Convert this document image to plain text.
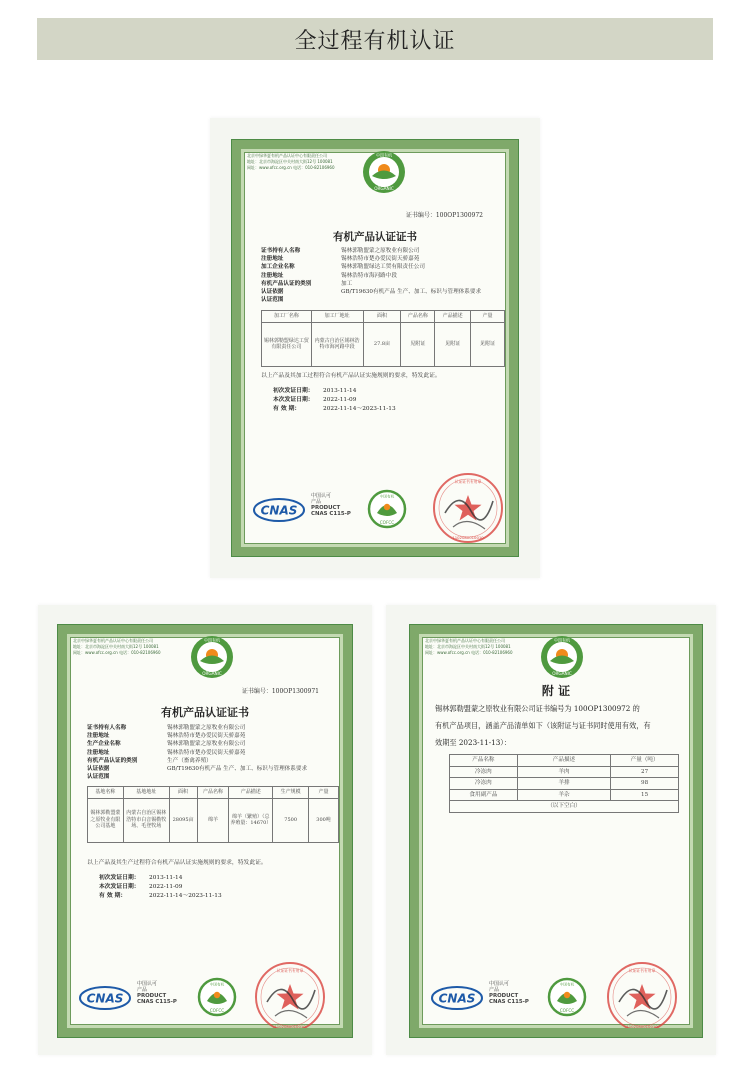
全过程有机认证
北京中绿华夏有机产品认证中心有限责任公司
地址：北京市海淀区中关村南大街12号 100081
网址：www.ofcc.org.cn 电话：010-82106960
ORGANIC
中国有机
证书编号：100OP1300972
有机产品认证证书
证书持有人名称	锡林郭勒盟蒙之原牧业有限公司
注册地址	锡林浩特市楚办爱民街天骄嘉苑
加工企业名称	锡林郭勒盟绿达工贸有限责任公司
注册地址	锡林浩特市海河路中段
有机产品认证的类别	加工
认证依据	GB/T19630有机产品 生产、加工、标识与管理体系要求
认证范围
加工厂名称	加工厂地址	面积	产品名称	产品描述	产量
锡林郭勒盟绿达工贸有限责任公司	内蒙古自治区锡林浩特市海河路中段	27.8亩	见附证	见附证	见附证
以上产品及其加工过程符合有机产品认证实施规则的要求，特发此证。
初次发证日期：	2013-11-14
本次发证日期：	2022-11-09
有 效 期：	2022-11-14～2023-11-13
CNAS
中国认可
产品
PRODUCT
CNAS C115-P
COFCC
中国有机
1102080010010
认证证书专用章
北京中绿华夏有机产品认证中心有限责任公司
地址：北京市海淀区中关村南大街12号 100081
网址：www.ofcc.org.cn 电话：010-82106960
ORGANIC
中国有机
证书编号：100OP1300971
有机产品认证证书
证书持有人名称	锡林郭勒盟蒙之原牧业有限公司
注册地址	锡林浩特市楚办爱民街天骄嘉苑
生产企业名称	锡林郭勒盟蒙之原牧业有限公司
注册地址	锡林浩特市楚办爱民街天骄嘉苑
有机产品认证的类别	生产（畜禽养殖）
认证依据	GB/T19630有机产品 生产、加工、标识与管理体系要求
认证范围
基地名称	基地地址	面积	产品名称	产品描述	生产规模	产量
锡林郭勒盟蒙之原牧业有限公司基地	内蒙古自治区锡林浩特市白音锡勒牧场、毛登牧场	28095亩	绵羊	绵羊（繁殖）（总养殖量：14670）	7500	300吨
以上产品及其生产过程符合有机产品认证实施规则的要求，特发此证。
初次发证日期：	2013-11-14
本次发证日期：	2022-11-09
有 效 期：	2022-11-14～2023-11-13
CNAS
中国认可
产品
PRODUCT
CNAS C115-P
COFCC
中国有机
1102080010010
认证证书专用章
北京中绿华夏有机产品认证中心有限责任公司
地址：北京市海淀区中关村南大街12号 100081
网址：www.ofcc.org.cn 电话：010-82106960
ORGANIC
中国有机
附 证
锡林郭勒盟蒙之原牧业有限公司证书编号为 100OP1300972 的
有机产品项目，涵盖产品清单如下（该附证与证书同时使用有效，有
效期至 2023-11-13）：
产品名称	产品描述	产量（吨）
冷冻肉	羊肉	27
冷冻肉	羊排	98
食用副产品	羊杂	15
（以下空白）		
CNAS
中国认可
产品
PRODUCT
CNAS C115-P
COFCC
中国有机
1102080010010
认证证书专用章
